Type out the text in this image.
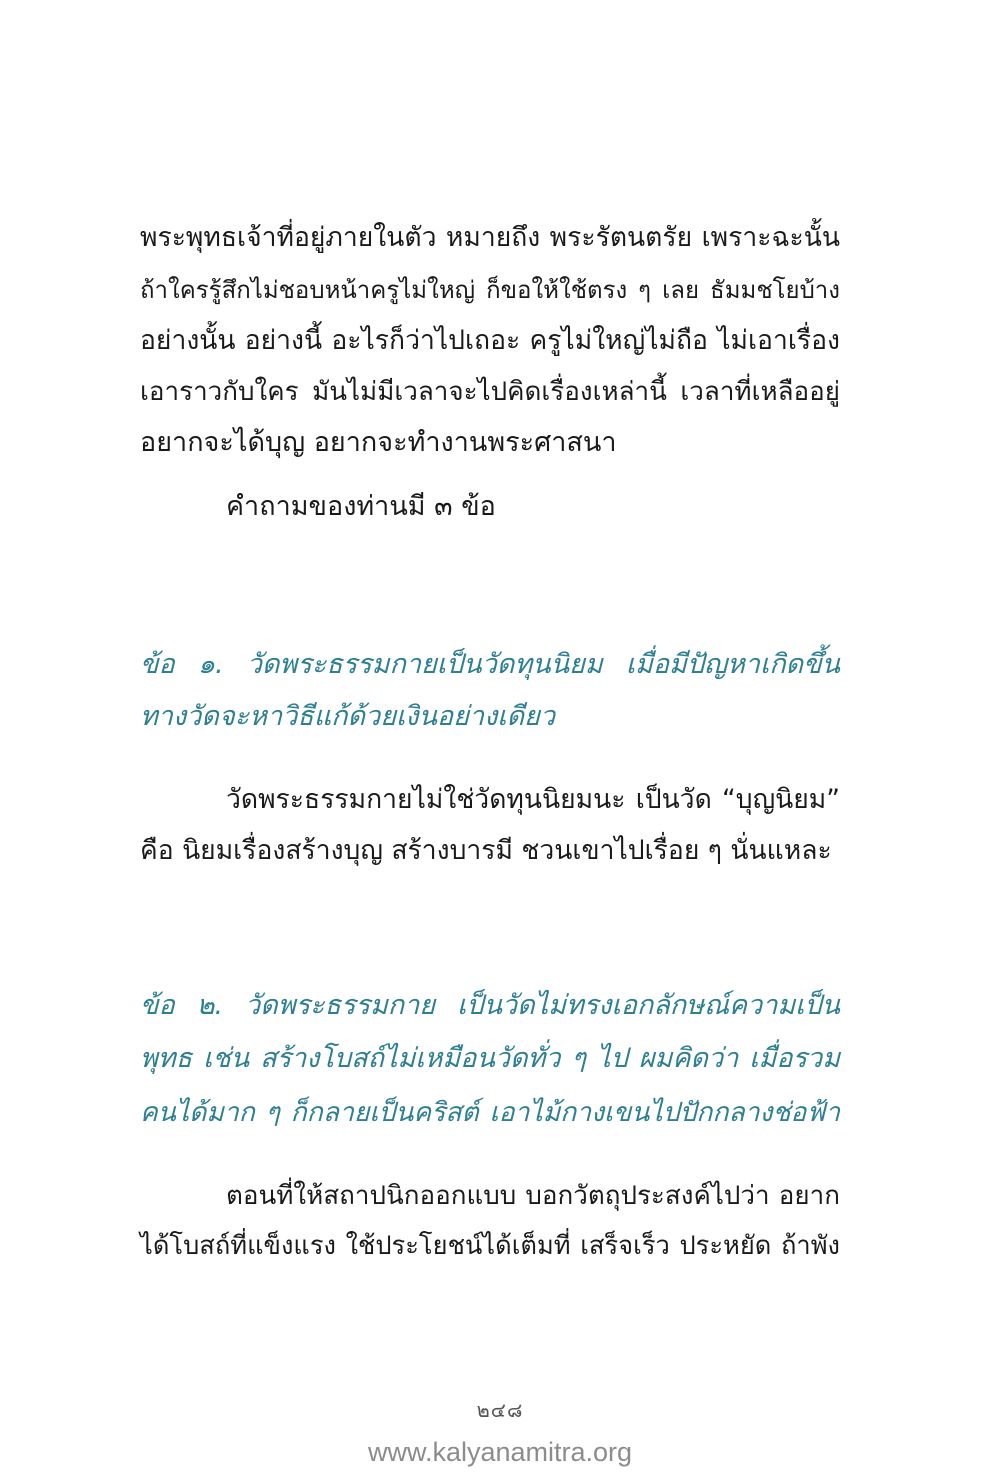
พระพุทธเจ้าที่อยู่ภายในตัว หมายถึง พระรัตนตรัย เพราะฉะนั้น
ถ้าใครรู้สึกไม่ชอบหน้าครูไม่ใหญ่ ก็ขอให้ใช้ตรง ๆ เลย ธัมมชโยบ้าง
อย่างนั้น อย่างนี้ อะไรก็ว่าไปเถอะ ครูไม่ใหญ่ไม่ถือ ไม่เอาเรื่อง
เอาราวกับใคร มันไม่มีเวลาจะไปคิดเรื่องเหล่านี้ เวลาที่เหลืออยู่
อยากจะได้บุญ อยากจะทำงานพระศาสนา
คำถามของท่านมี ๓ ข้อ
ข้อ ๑. วัดพระธรรมกายเป็นวัดทุนนิยม เมื่อมีปัญหาเกิดขึ้น
ทางวัดจะหาวิธีแก้ด้วยเงินอย่างเดียว
วัดพระธรรมกายไม่ใช่วัดทุนนิยมนะ เป็นวัด “บุญนิยม”
คือ นิยมเรื่องสร้างบุญ สร้างบารมี ชวนเขาไปเรื่อย ๆ นั่นแหละ
ข้อ ๒. วัดพระธรรมกาย เป็นวัดไม่ทรงเอกลักษณ์ความเป็น
พุทธ เช่น สร้างโบสถ์ไม่เหมือนวัดทั่ว ๆ ไป ผมคิดว่า เมื่อรวม
คนได้มาก ๆ ก็กลายเป็นคริสต์ เอาไม้กางเขนไปปักกลางช่อฟ้า
ตอนที่ให้สถาปนิกออกแบบ บอกวัตถุประสงค์ไปว่า อยาก
ได้โบสถ์ที่แข็งแรง ใช้ประโยชน์ได้เต็มที่ เสร็จเร็ว ประหยัด ถ้าพัง
๒๔๘
www.kalyanamitra.org
